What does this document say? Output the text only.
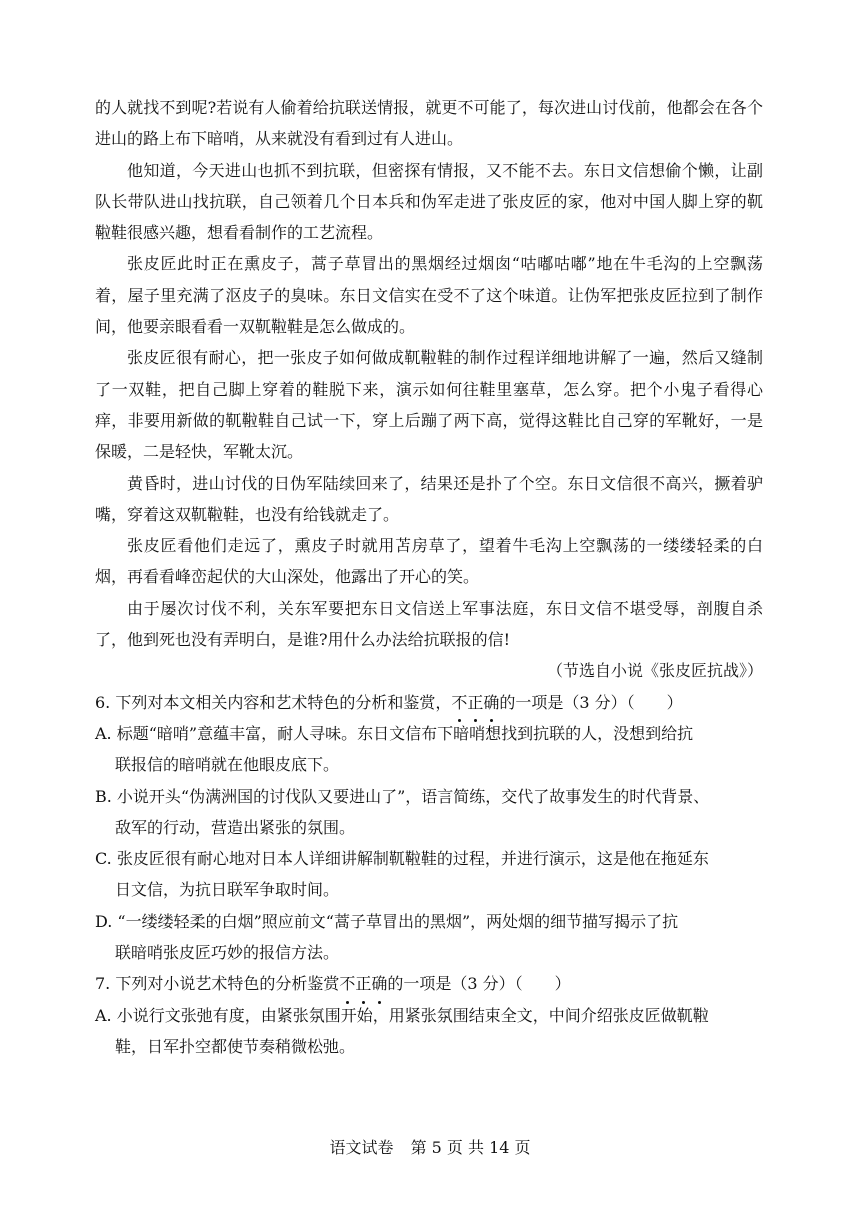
的人就找不到呢?若说有人偷着给抗联送情报，就更不可能了，每次进山讨伐前，他都会在各个进山的路上布下暗哨，从来就没有看到过有人进山。

他知道，今天进山也抓不到抗联，但密探有情报，又不能不去。东日文信想偷个懒，让副队长带队进山找抗联，自己领着几个日本兵和伪军走进了张皮匠的家，他对中国人脚上穿的靰鞡鞋很感兴趣，想看看制作的工艺流程。

张皮匠此时正在熏皮子，蒿子草冒出的黑烟经过烟囱“咕嘟咕嘟”地在牛毛沟的上空飘荡着，屋子里充满了沤皮子的臭味。东日文信实在受不了这个味道。让伪军把张皮匠拉到了制作间，他要亲眼看看一双靰鞡鞋是怎么做成的。

张皮匠很有耐心，把一张皮子如何做成靰鞡鞋的制作过程详细地讲解了一遍，然后又缝制了一双鞋，把自己脚上穿着的鞋脱下来，演示如何往鞋里塞草，怎么穿。把个小鬼子看得心痒，非要用新做的靰鞡鞋自己试一下，穿上后蹦了两下高，觉得这鞋比自己穿的军靴好，一是保暖，二是轻快，军靴太沉。

黄昏时，进山讨伐的日伪军陆续回来了，结果还是扑了个空。东日文信很不高兴，撅着驴嘴，穿着这双靰鞡鞋，也没有给钱就走了。

张皮匠看他们走远了，熏皮子时就用苫房草了，望着牛毛沟上空飘荡的一缕缕轻柔的白烟，再看看峰峦起伏的大山深处，他露出了开心的笑。

由于屡次讨伐不利，关东军要把东日文信送上军事法庭，东日文信不堪受辱，剖腹自杀了，他到死也没有弄明白，是谁?用什么办法给抗联报的信!

（节选自小说《张皮匠抗战》）

6. 下列对本文相关内容和艺术特色的分析和鉴赏，不正确的一项是（3 分）（　　）

A. 标题“暗哨”意蕴丰富，耐人寻味。东日文信布下暗哨想找到抗联的人，没想到给抗
联报信的暗哨就在他眼皮底下。

B. 小说开头“伪满洲国的讨伐队又要进山了”，语言简练，交代了故事发生的时代背景、
敌军的行动，营造出紧张的氛围。

C. 张皮匠很有耐心地对日本人详细讲解制靰鞡鞋的过程，并进行演示，这是他在拖延东
日文信，为抗日联军争取时间。

D. “一缕缕轻柔的白烟”照应前文“蒿子草冒出的黑烟”，两处烟的细节描写揭示了抗
联暗哨张皮匠巧妙的报信方法。

7. 下列对小说艺术特色的分析鉴赏不正确的一项是（3 分）（　　）

A. 小说行文张弛有度，由紧张氛围开始，用紧张氛围结束全文，中间介绍张皮匠做靰鞡
鞋，日军扑空都使节奏稍微松弛。

语文试卷 第 5 页 共 14 页
